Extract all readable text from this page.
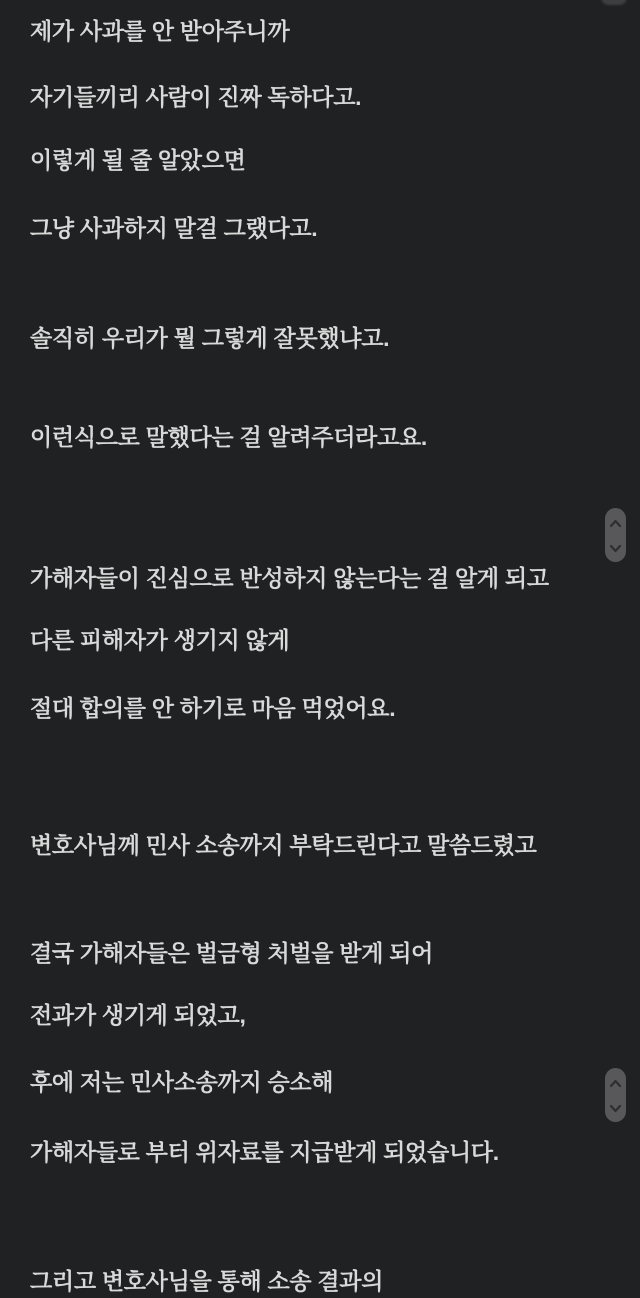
제가 사과를 안 받아주니까
자기들끼리 사람이 진짜 독하다고.
이렇게 될 줄 알았으면
그냥 사과하지 말걸 그랬다고.
솔직히 우리가 뭘 그렇게 잘못했냐고.
이런식으로 말했다는 걸 알려주더라고요.
가해자들이 진심으로 반성하지 않는다는 걸 알게 되고
다른 피해자가 생기지 않게
절대 합의를 안 하기로 마음 먹었어요.
변호사님께 민사 소송까지 부탁드린다고 말씀드렸고
결국 가해자들은 벌금형 처벌을 받게 되어
전과가 생기게 되었고,
후에 저는 민사소송까지 승소해
가해자들로 부터 위자료를 지급받게 되었습니다.
그리고 변호사님을 통해 소송 결과의
